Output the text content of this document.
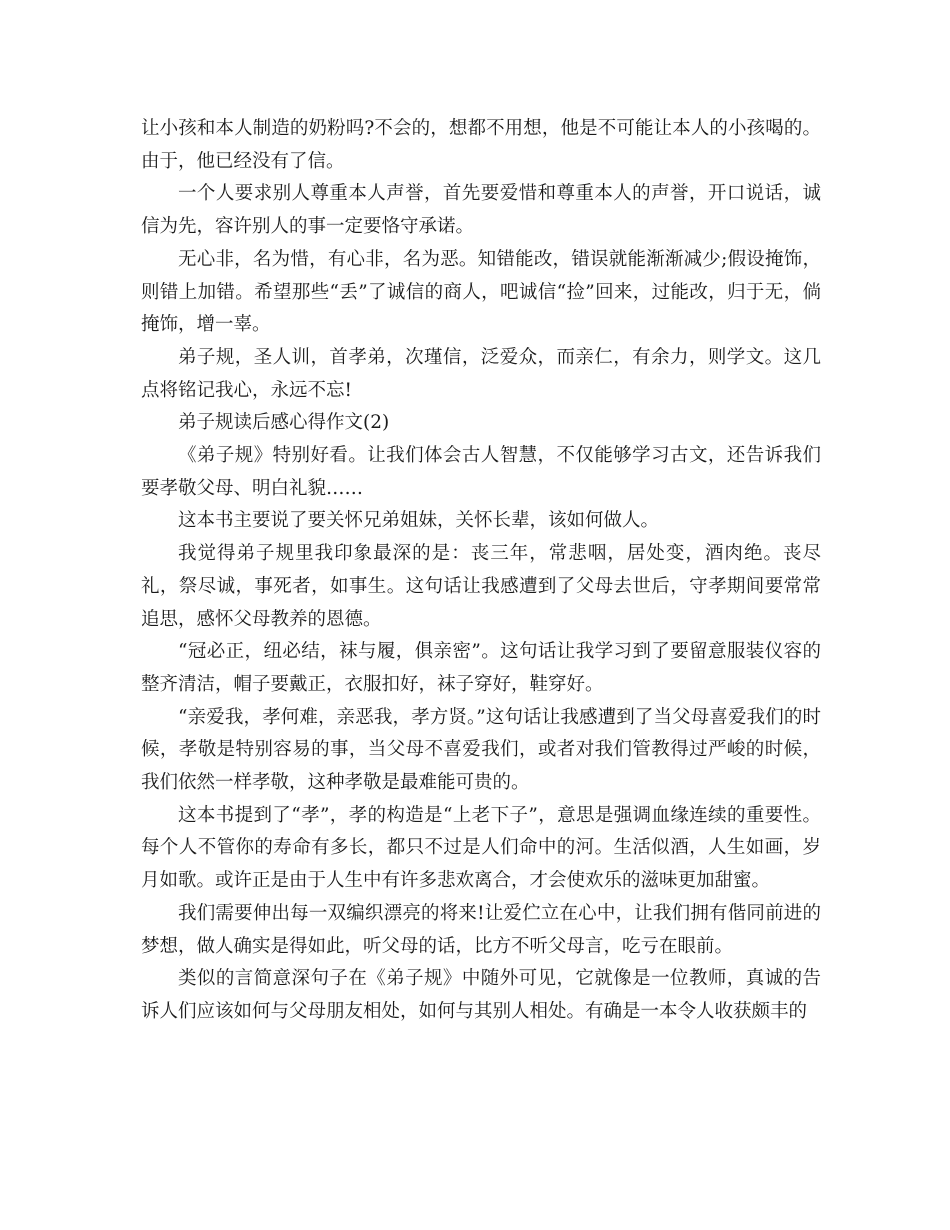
让小孩和本人制造的奶粉吗?不会的，想都不用想，他是不可能让本人的小孩喝的。由于，他已经没有了信。

一个人要求别人尊重本人声誉，首先要爱惜和尊重本人的声誉，开口说话，诚信为先，容许别人的事一定要恪守承诺。

无心非，名为惜，有心非，名为恶。知错能改，错误就能渐渐减少;假设掩饰，则错上加错。希望那些“丢”了诚信的商人，吧诚信“捡”回来，过能改，归于无，倘掩饰，增一辜。

弟子规，圣人训，首孝弟，次瑾信，泛爱众，而亲仁，有余力，则学文。这几点将铭记我心，永远不忘!

弟子规读后感心得作文(2)

《弟子规》特别好看。让我们体会古人智慧，不仅能够学习古文，还告诉我们要孝敬父母、明白礼貌……

这本书主要说了要关怀兄弟姐妹，关怀长辈，该如何做人。

我觉得弟子规里我印象最深的是：丧三年，常悲咽，居处变，酒肉绝。丧尽礼，祭尽诚，事死者，如事生。这句话让我感遭到了父母去世后，守孝期间要常常追思，感怀父母教养的恩德。

“冠必正，纽必结，袜与履，俱亲密”。这句话让我学习到了要留意服装仪容的整齐清洁，帽子要戴正，衣服扣好，袜子穿好，鞋穿好。

“亲爱我，孝何难，亲恶我，孝方贤。”这句话让我感遭到了当父母喜爱我们的时候，孝敬是特别容易的事，当父母不喜爱我们，或者对我们管教得过严峻的时候，我们依然一样孝敬，这种孝敬是最难能可贵的。

这本书提到了“孝”，孝的构造是“上老下子”，意思是强调血缘连续的重要性。每个人不管你的寿命有多长，都只不过是人们命中的河。生活似酒，人生如画，岁月如歌。或许正是由于人生中有许多悲欢离合，才会使欢乐的滋味更加甜蜜。

我们需要伸出每一双编织漂亮的将来!让爱伫立在心中，让我们拥有偕同前进的梦想，做人确实是得如此，听父母的话，比方不听父母言，吃亏在眼前。

类似的言简意深句子在《弟子规》中随外可见，它就像是一位教师，真诚的告诉人们应该如何与父母朋友相处，如何与其别人相处。有确是一本令人收获颇丰的
